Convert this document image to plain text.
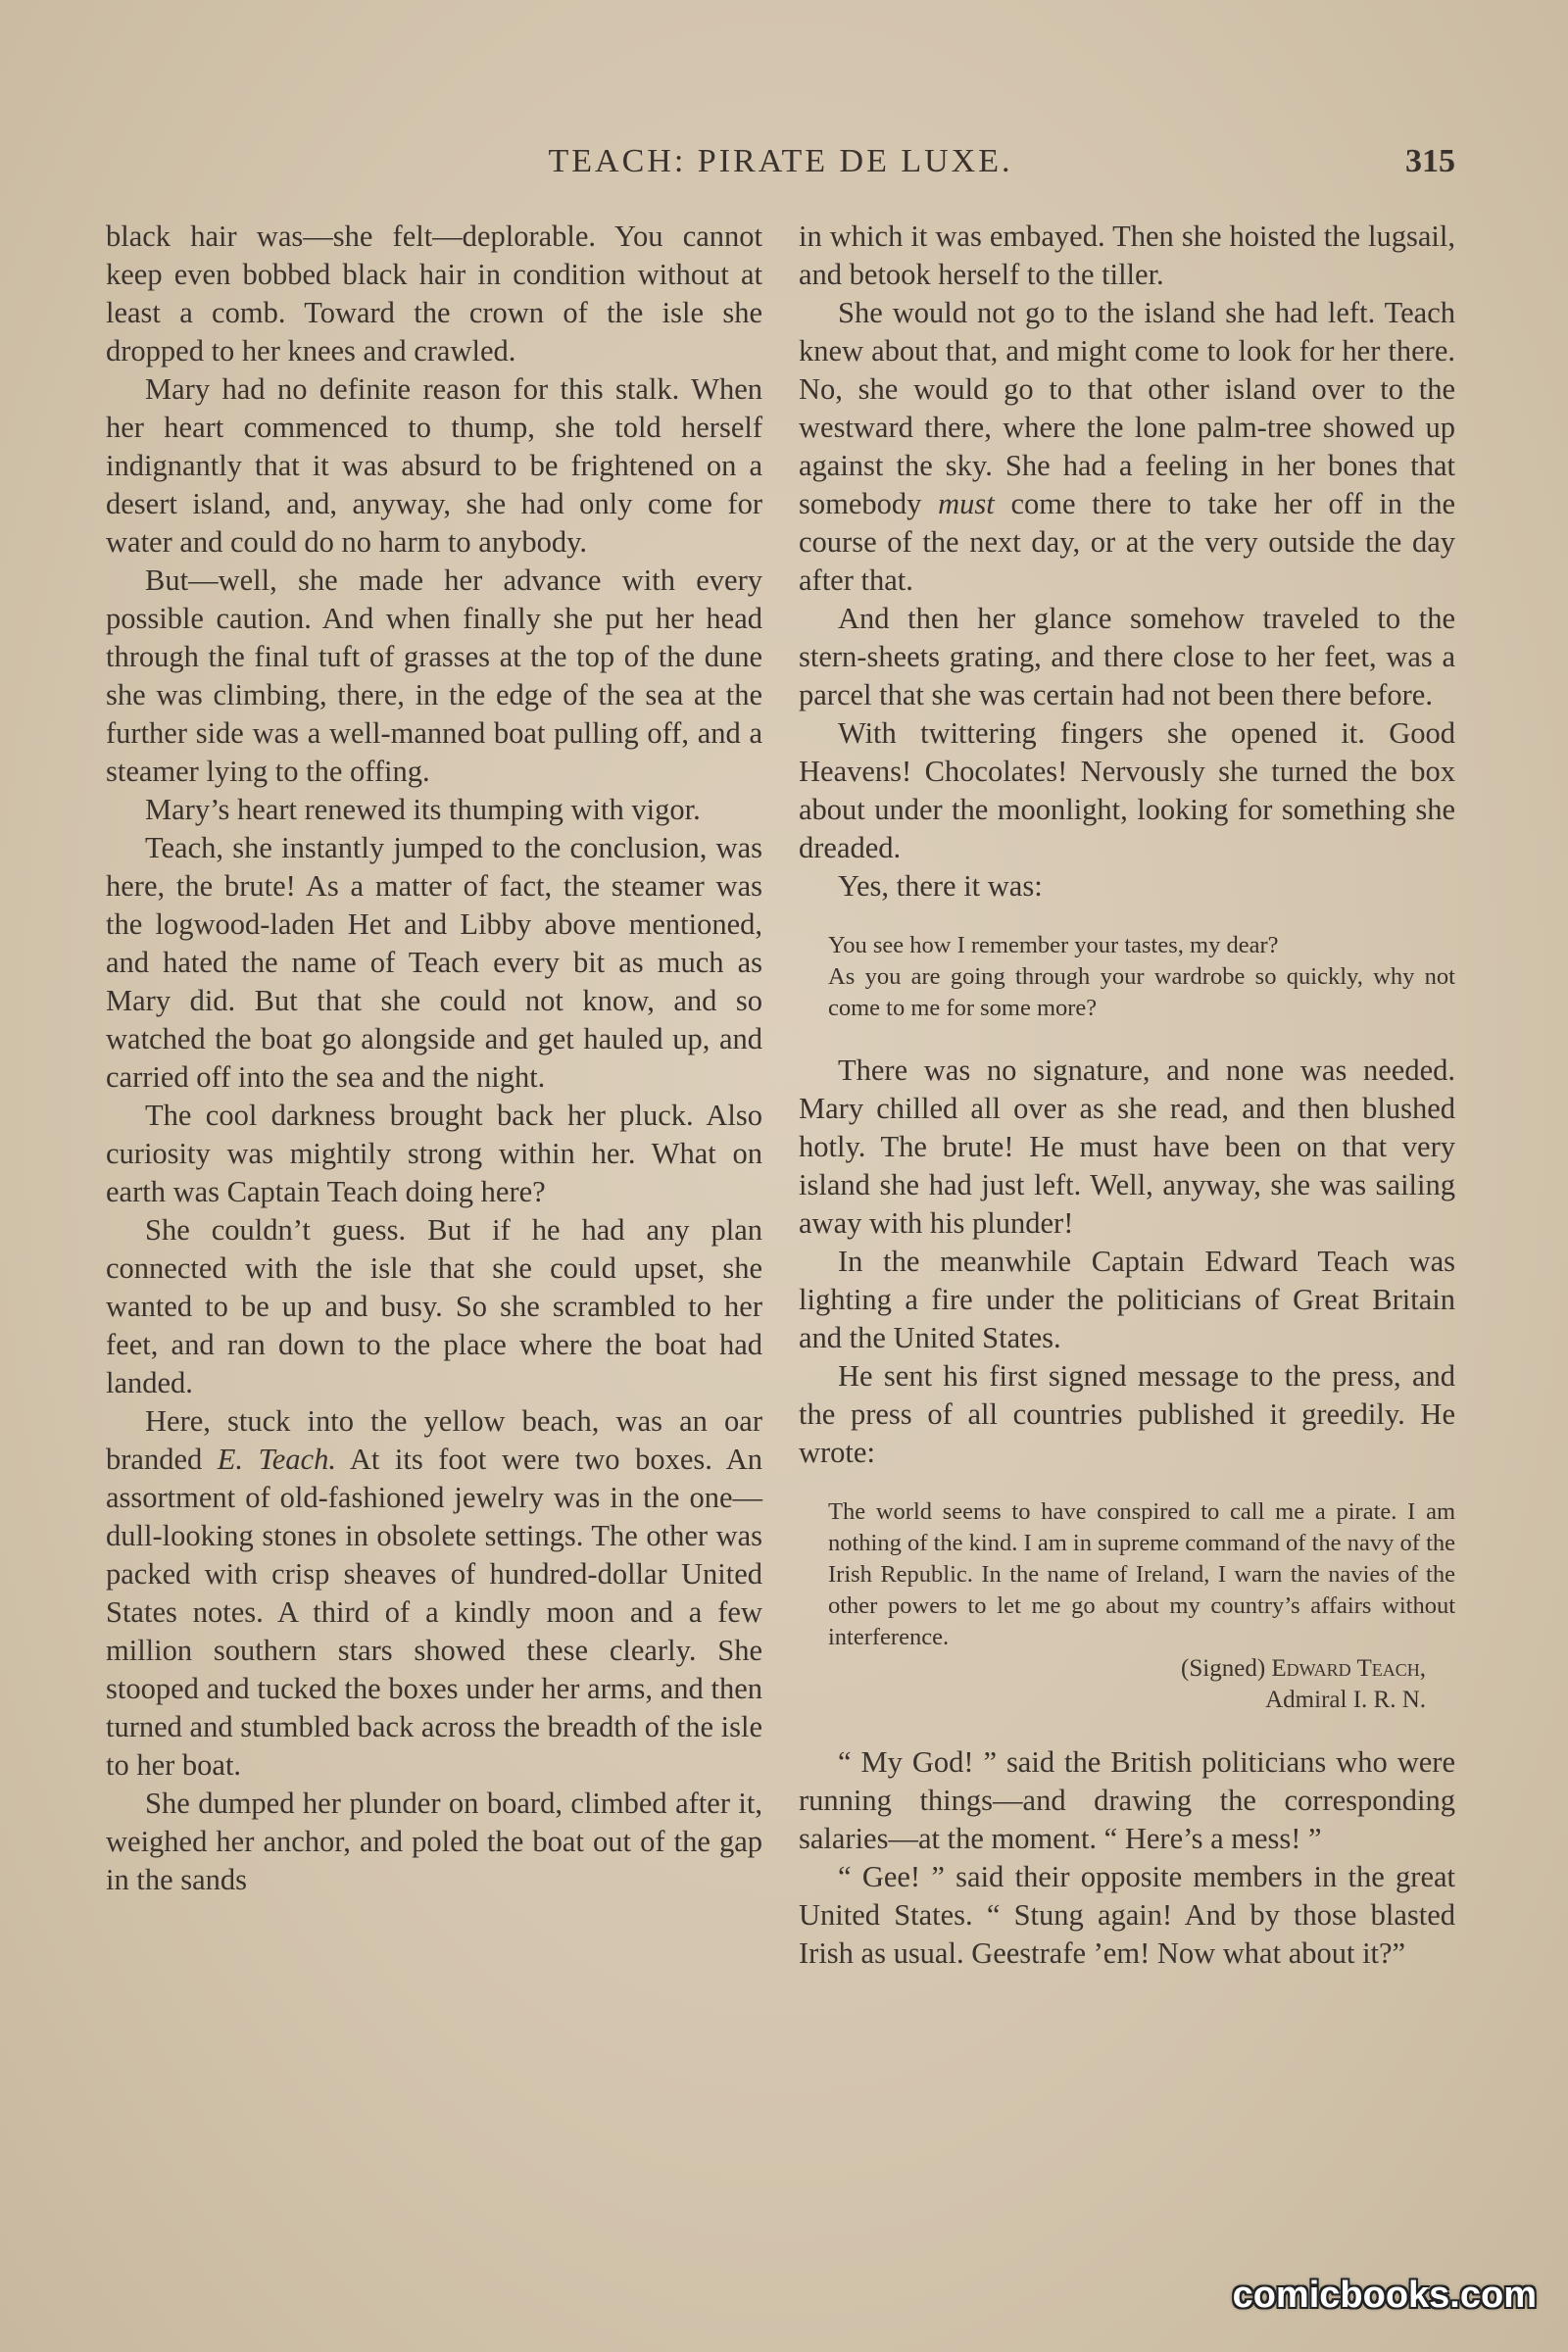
TEACH: PIRATE DE LUXE.	315

black hair was—she felt—deplorable. You cannot keep even bobbed black hair in condition without at least a comb. Toward the crown of the isle she dropped to her knees and crawled.

Mary had no definite reason for this stalk. When her heart commenced to thump, she told herself indignantly that it was absurd to be frightened on a desert island, and, anyway, she had only come for water and could do no harm to anybody.

But—well, she made her advance with every possible caution. And when finally she put her head through the final tuft of grasses at the top of the dune she was climbing, there, in the edge of the sea at the further side was a well-manned boat pulling off, and a steamer lying to the offing.

Mary’s heart renewed its thumping with vigor.

Teach, she instantly jumped to the conclusion, was here, the brute! As a matter of fact, the steamer was the logwood-laden Het and Libby above mentioned, and hated the name of Teach every bit as much as Mary did. But that she could not know, and so watched the boat go alongside and get hauled up, and carried off into the sea and the night.

The cool darkness brought back her pluck. Also curiosity was mightily strong within her. What on earth was Captain Teach doing here?

She couldn’t guess. But if he had any plan connected with the isle that she could upset, she wanted to be up and busy. So she scrambled to her feet, and ran down to the place where the boat had landed.

Here, stuck into the yellow beach, was an oar branded E. Teach. At its foot were two boxes. An assortment of old-fashioned jewelry was in the one—dull-looking stones in obsolete settings. The other was packed with crisp sheaves of hundred-dollar United States notes. A third of a kindly moon and a few million southern stars showed these clearly. She stooped and tucked the boxes under her arms, and then turned and stumbled back across the breadth of the isle to her boat.

She dumped her plunder on board, climbed after it, weighed her anchor, and poled the boat out of the gap in the sands

in which it was embayed. Then she hoisted the lugsail, and betook herself to the tiller.

She would not go to the island she had left. Teach knew about that, and might come to look for her there. No, she would go to that other island over to the westward there, where the lone palm-tree showed up against the sky. She had a feeling in her bones that somebody must come there to take her off in the course of the next day, or at the very outside the day after that.

And then her glance somehow traveled to the stern-sheets grating, and there close to her feet, was a parcel that she was certain had not been there before.

With twittering fingers she opened it. Good Heavens! Chocolates! Nervously she turned the box about under the moonlight, looking for something she dreaded.

Yes, there it was:

You see how I remember your tastes, my dear?

As you are going through your wardrobe so quickly, why not come to me for some more?

There was no signature, and none was needed. Mary chilled all over as she read, and then blushed hotly. The brute! He must have been on that very island she had just left. Well, anyway, she was sailing away with his plunder!

In the meanwhile Captain Edward Teach was lighting a fire under the politicians of Great Britain and the United States.

He sent his first signed message to the press, and the press of all countries published it greedily. He wrote:

The world seems to have conspired to call me a pirate. I am nothing of the kind. I am in supreme command of the navy of the Irish Republic. In the name of Ireland, I warn the navies of the other powers to let me go about my country’s affairs without interference.

(Signed) Edward Teach,
Admiral I. R. N.

“ My God! ” said the British politicians who were running things—and drawing the corresponding salaries—at the moment. “ Here’s a mess! ”

“ Gee! ” said their opposite members in the great United States. “ Stung again! And by those blasted Irish as usual. Geestrafe ’em! Now what about it?”

comicbooks.com
